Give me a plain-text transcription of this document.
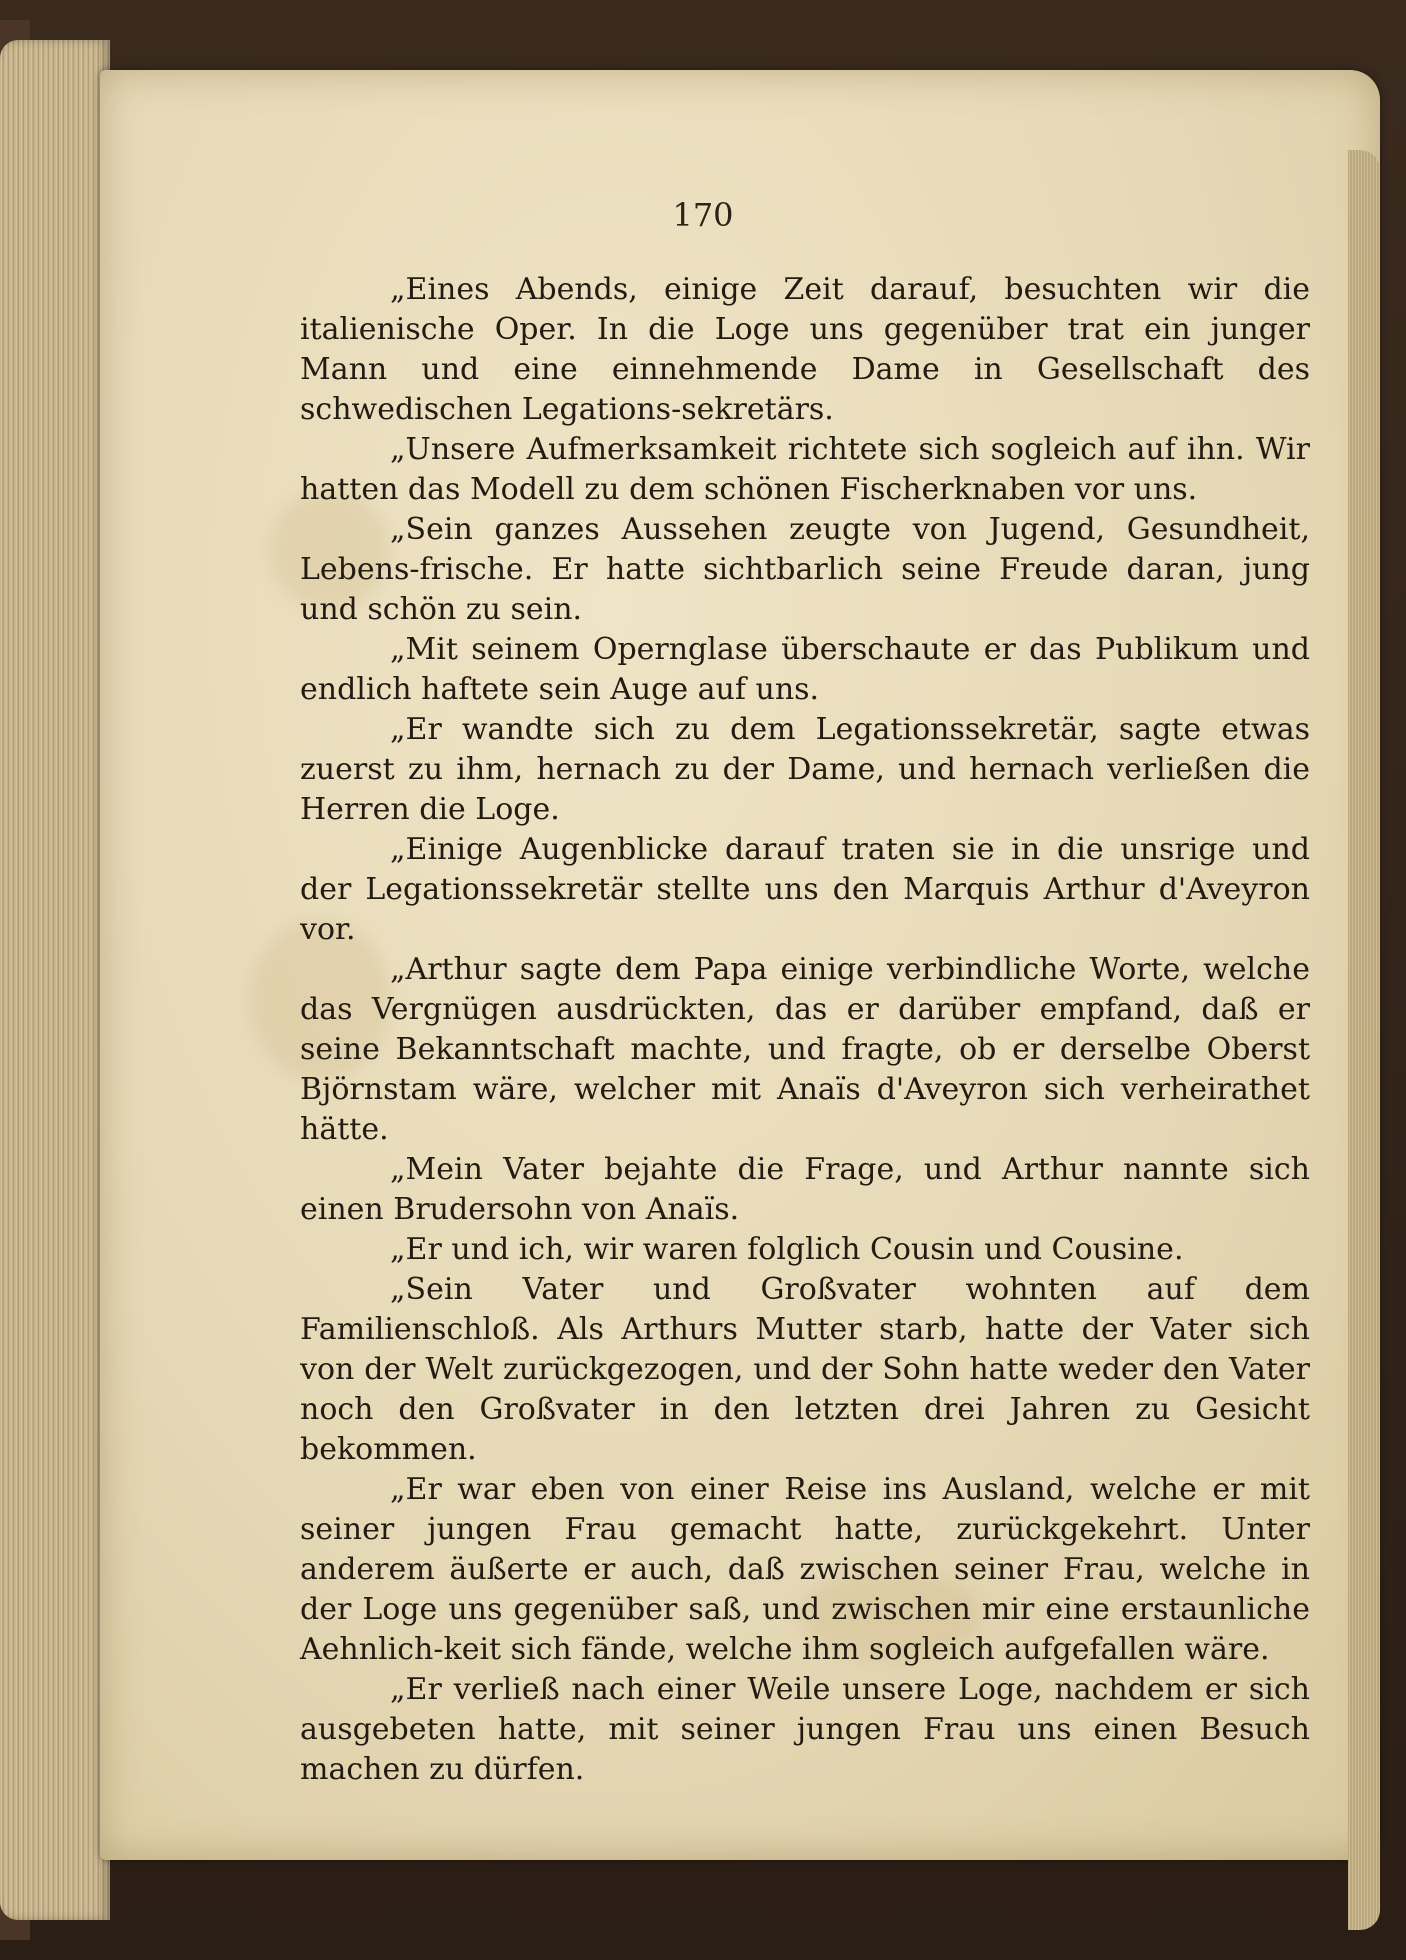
170

„Eines Abends, einige Zeit darauf, besuchten wir die italienische Oper. In die Loge uns gegenüber trat ein junger Mann und eine einnehmende Dame in Gesellschaft des schwedischen Legations-sekretärs.

„Unsere Aufmerksamkeit richtete sich sogleich auf ihn. Wir hatten das Modell zu dem schönen Fischerknaben vor uns.

„Sein ganzes Aussehen zeugte von Jugend, Gesundheit, Lebens-frische. Er hatte sichtbarlich seine Freude daran, jung und schön zu sein.

„Mit seinem Opernglase überschaute er das Publikum und endlich haftete sein Auge auf uns.

„Er wandte sich zu dem Legationssekretär, sagte etwas zuerst zu ihm, hernach zu der Dame, und hernach verließen die Herren die Loge.

„Einige Augenblicke darauf traten sie in die unsrige und der Legationssekretär stellte uns den Marquis Arthur d'Aveyron vor.

„Arthur sagte dem Papa einige verbindliche Worte, welche das Vergnügen ausdrückten, das er darüber empfand, daß er seine Bekanntschaft machte, und fragte, ob er derselbe Oberst Björnstam wäre, welcher mit Anaïs d'Aveyron sich verheirathet hätte.

„Mein Vater bejahte die Frage, und Arthur nannte sich einen Brudersohn von Anaïs.

„Er und ich, wir waren folglich Cousin und Cousine.

„Sein Vater und Großvater wohnten auf dem Familienschloß. Als Arthurs Mutter starb, hatte der Vater sich von der Welt zurückgezogen, und der Sohn hatte weder den Vater noch den Großvater in den letzten drei Jahren zu Gesicht bekommen.

„Er war eben von einer Reise ins Ausland, welche er mit seiner jungen Frau gemacht hatte, zurückgekehrt. Unter anderem äußerte er auch, daß zwischen seiner Frau, welche in der Loge uns gegenüber saß, und zwischen mir eine erstaunliche Aehnlich-keit sich fände, welche ihm sogleich aufgefallen wäre.

„Er verließ nach einer Weile unsere Loge, nachdem er sich ausgebeten hatte, mit seiner jungen Frau uns einen Besuch machen zu dürfen.
